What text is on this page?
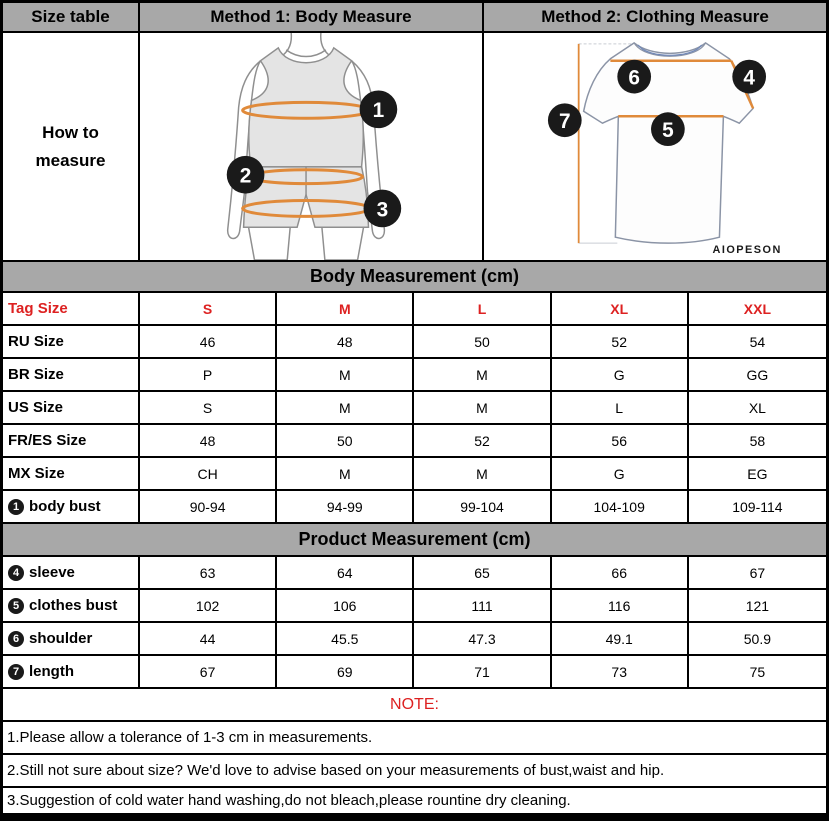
Size table	Method 1: Body Measure	Method 2: Clothing Measure
How to measure
1
2
3
6	4
7	5
AIOPESON
Body Measurement (cm)
Tag Size	S	M	L	XL	XXL
RU Size	46	48	50	52	54
BR Size	P	M	M	G	GG
US Size	S	M	M	L	XL
FR/ES Size	48	50	52	56	58
MX Size	CH	M	M	G	EG
1 body bust	90-94	94-99	99-104	104-109	109-114
Product Measurement (cm)
4 sleeve	63	64	65	66	67
5 clothes bust	102	106	111	116	121
6 shoulder	44	45.5	47.3	49.1	50.9
7 length	67	69	71	73	75
NOTE:
1.Please allow a tolerance of 1-3 cm in measurements.
2.Still not sure about size? We'd love to advise based on your measurements of bust,waist and hip.
3.Suggestion of cold water hand washing,do not bleach,please rountine dry cleaning.
